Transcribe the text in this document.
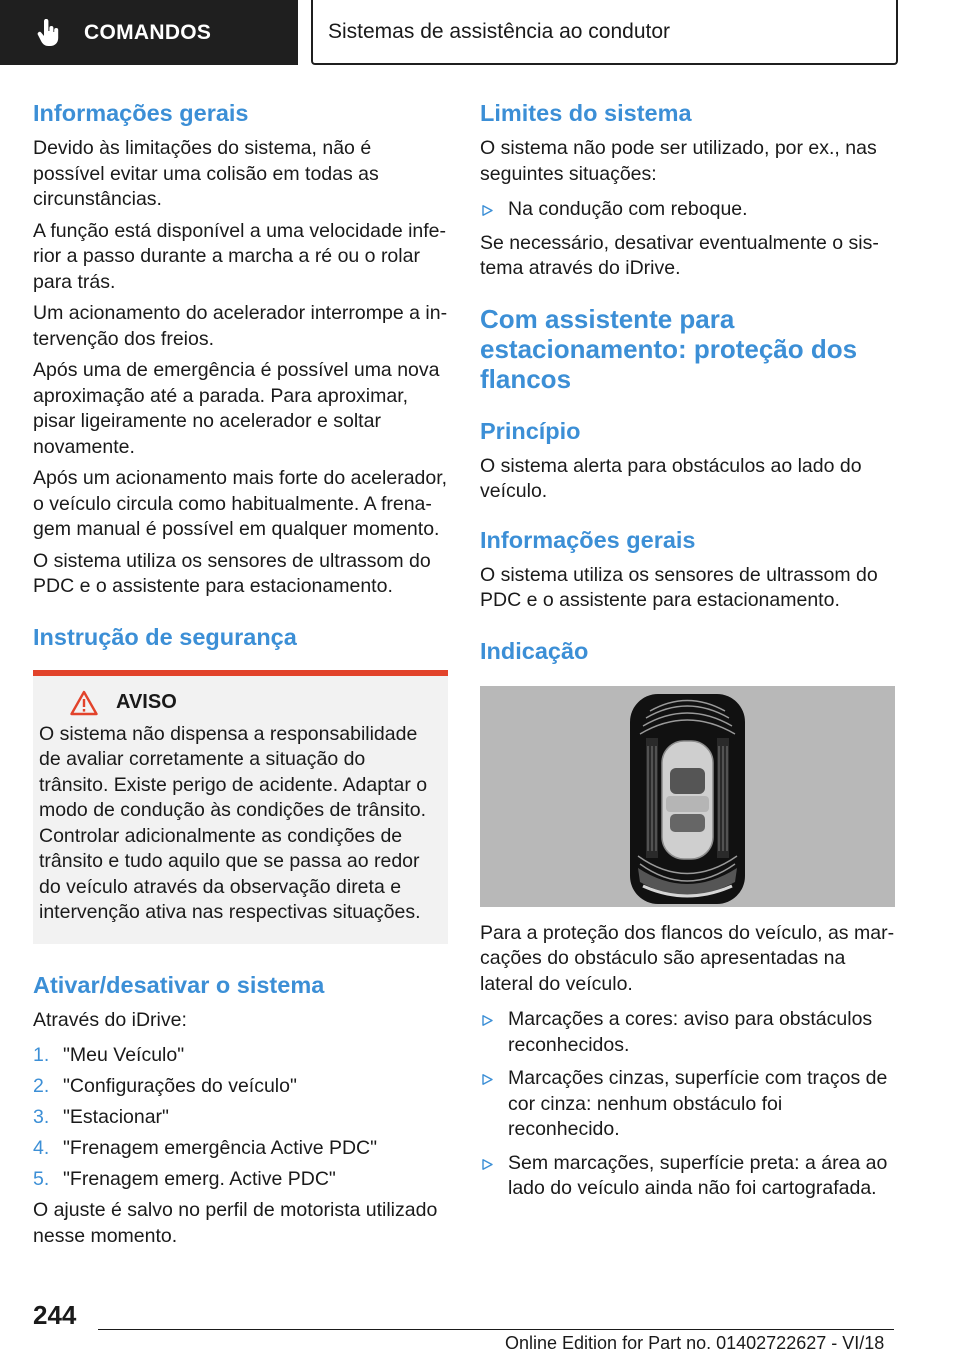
COMANDOS	Sistemas de assistência ao condutor
Informações gerais

Devido às limitações do sistema, não é possível evitar uma colisão em todas as circunstâncias.

A função está disponível a uma velocidade inferior a passo durante a marcha a ré ou o rolar para trás.

Um acionamento do acelerador interrompe a intervenção dos freios.

Após uma de emergência é possível uma nova aproximação até a parada. Para aproximar, pisar ligeiramente no acelerador e soltar novamente.

Após um acionamento mais forte do acelerador, o veículo circula como habitualmente. A frenagem manual é possível em qualquer momento.

O sistema utiliza os sensores de ultrassom do PDC e o assistente para estacionamento.

Instrução de segurança
AVISO

O sistema não dispensa a responsabilidade de avaliar corretamente a situação do trânsito. Existe perigo de acidente. Adaptar o modo de condução às condições de trânsito. Controlar adicionalmente as condições de trânsito e tudo aquilo que se passa ao redor do veículo através da observação direta e intervenção ativa nas respectivas situações.

Ativar/desativar o sistema

Através do iDrive:

1. "Meu Veículo"
2. "Configurações do veículo"
3. "Estacionar"
4. "Frenagem emergência Active PDC"
5. "Frenagem emerg. Active PDC"

O ajuste é salvo no perfil de motorista utilizado nesse momento.

Limites do sistema

O sistema não pode ser utilizado, por ex., nas seguintes situações:

Na condução com reboque.

Se necessário, desativar eventualmente o sistema através do iDrive.

Com assistente para estacionamento: proteção dos flancos
Princípio

O sistema alerta para obstáculos ao lado do veículo.

Informações gerais

O sistema utiliza os sensores de ultrassom do PDC e o assistente para estacionamento.

Indicação

Para a proteção dos flancos do veículo, as marcações do obstáculo são apresentadas na lateral do veículo.

Marcações a cores: aviso para obstáculos reconhecidos.
Marcações cinzas, superfície com traços de cor cinza: nenhum obstáculo foi reconhecido.
Sem marcações, superfície preta: a área ao lado do veículo ainda não foi cartografada.
244
Online Edition for Part no. 01402722627 - VI/18
